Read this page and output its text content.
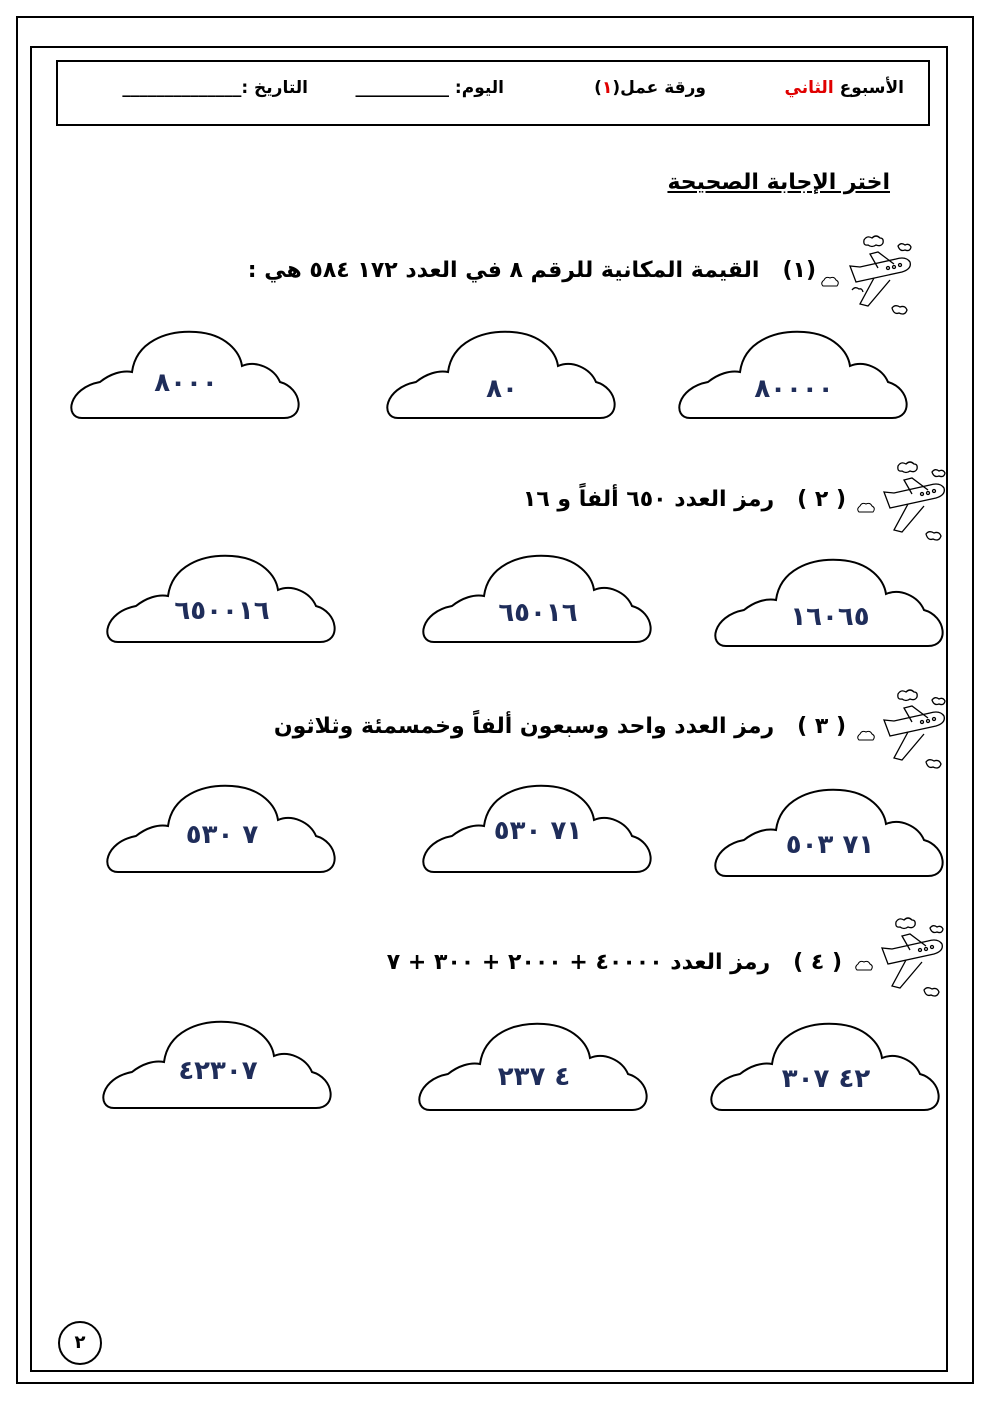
الأسبوع الثاني
ورقة عمل(١)
اليوم: ___________
التاريخ :______________
اختر الإجابة الصحيحة
(١)   القيمة المكانية للرقم ٨ في العدد ١٧٢ ٥٨٤ هي :
٨٠٠٠٠
٨٠
٨٠٠٠
( ٢ )   رمز العدد ٦٥٠ ألفاً و ١٦
١٦٠٦٥
٦٥٠١٦
٦٥٠٠١٦
( ٣ )   رمز العدد واحد وسبعون ألفاً وخمسمئة وثلاثون
٧١ ٥٠٣
٧١ ٥٣٠
٧ ٥٣٠
( ٤ )   رمز العدد ٤٠٠٠٠ + ٢٠٠٠ + ٣٠٠ + ٧
٤٢ ٣٠٧
٤ ٢٣٧
٤٢٣٠٧
٢
